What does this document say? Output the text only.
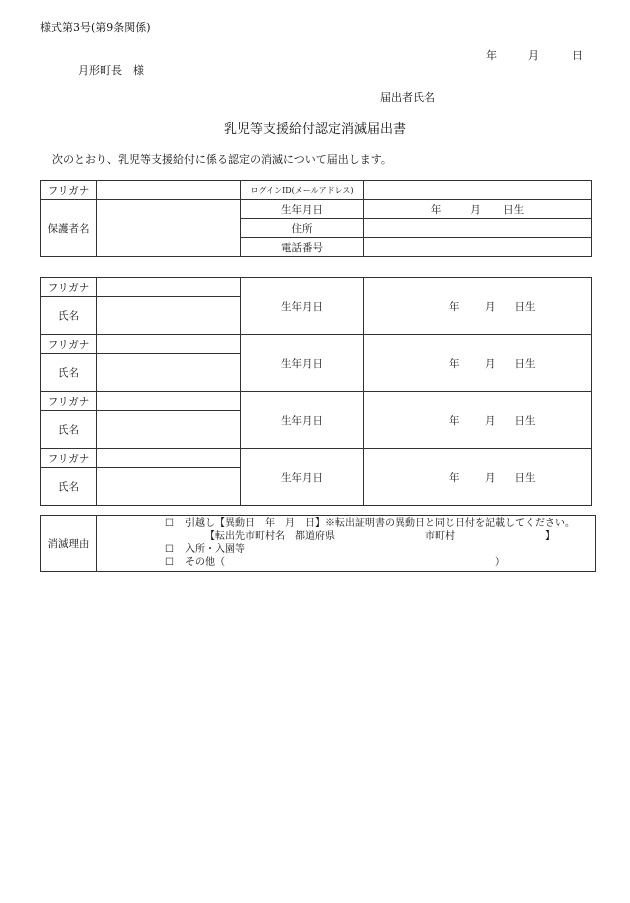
様式第3号(第9条関係)
年	月	日
月形町長　様
届出者氏名
乳児等支援給付認定消滅届出書
次のとおり、乳児等支援給付に係る認定の消滅について届出します。
フリガナ		ログインID(メールアドレス)	
保護者名		生年月日	年 月 日生
		住所	
		電話番号	
フリガナ		生年月日	年 月 日生
氏名			
フリガナ		生年月日	年 月 日生
氏名			
フリガナ		生年月日	年 月 日生
氏名			
フリガナ		生年月日	年 月 日生
氏名			
消滅理由	
☐ 引越し【異動日　年　月　日】※転出証明書の異動日と同じ日付を記載してください。
【転出先市町村名　都道府県　　　　　　　　　市町村　　　　　　　　　】
☐ 入所・入園等
☐ その他（　　　　　　　　　　　　　　　　　　　　　　　　　　　）
